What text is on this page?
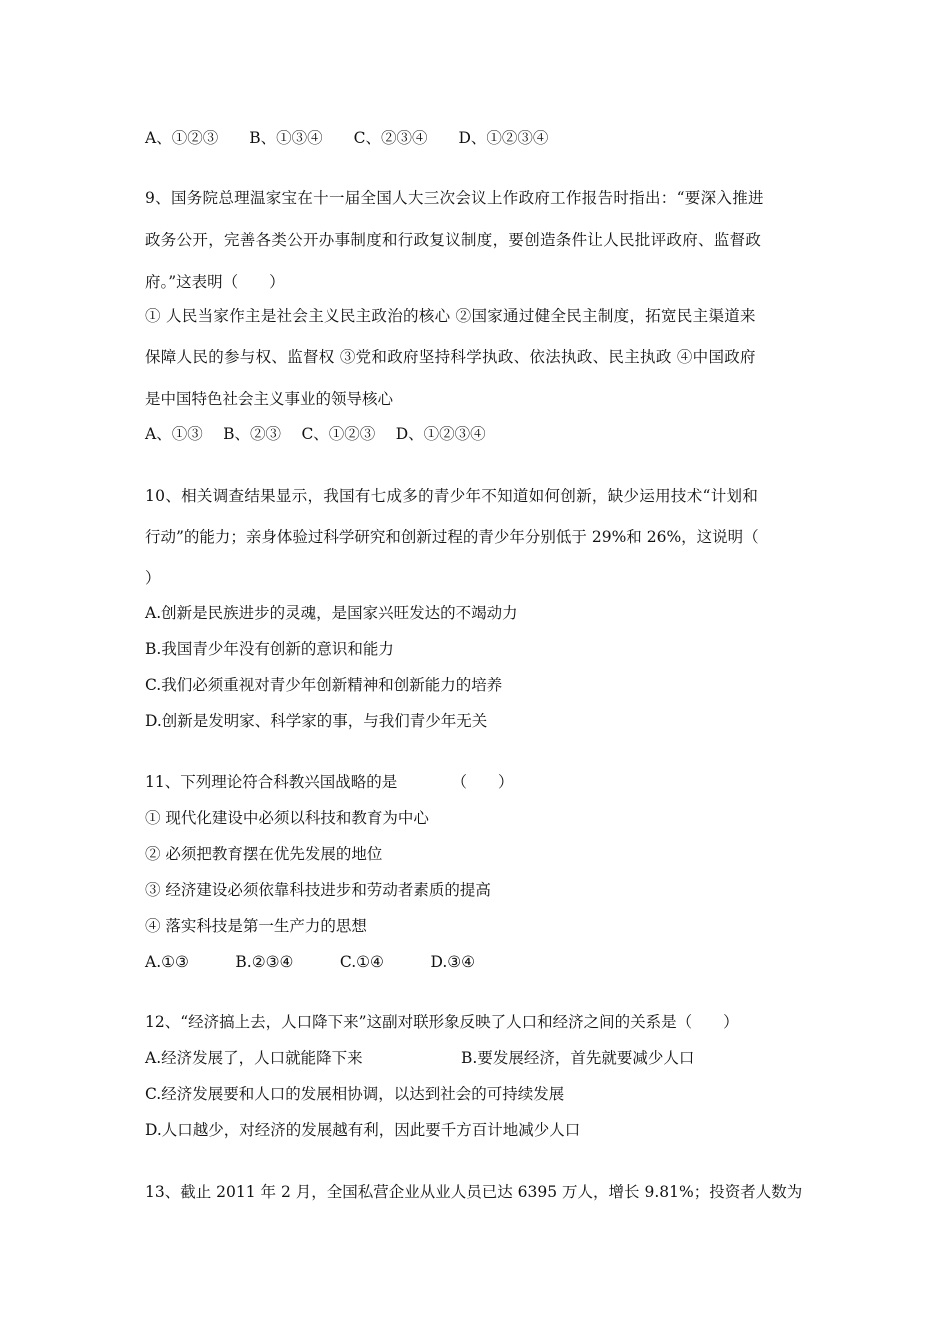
A、①②③　　B、①③④　　C、②③④　　D、①②③④
9、国务院总理温家宝在十一届全国人大三次会议上作政府工作报告时指出：“要深入推进
政务公开，完善各类公开办事制度和行政复议制度，要创造条件让人民批评政府、监督政
府。”这表明（　　）
① 人民当家作主是社会主义民主政治的核心 ②国家通过健全民主制度，拓宽民主渠道来
保障人民的参与权、监督权 ③党和政府坚持科学执政、依法执政、民主执政 ④中国政府
是中国特色社会主义事业的领导核心
A、①③　 B、②③　 C、①②③　 D、①②③④
10、相关调查结果显示，我国有七成多的青少年不知道如何创新，缺少运用技术“计划和
行动”的能力；亲身体验过科学研究和创新过程的青少年分别低于 29%和 26%，这说明（
）
A.创新是民族进步的灵魂，是国家兴旺发达的不竭动力
B.我国青少年没有创新的意识和能力
C.我们必须重视对青少年创新精神和创新能力的培养
D.创新是发明家、科学家的事，与我们青少年无关
11、下列理论符合科教兴国战略的是　　　　（　　）
① 现代化建设中必须以科技和教育为中心
② 必须把教育摆在优先发展的地位
③ 经济建设必须依靠科技进步和劳动者素质的提高
④ 落实科技是第一生产力的思想
A.①③　　　B.②③④　　　C.①④　　　D.③④
12、“经济搞上去，人口降下来”这副对联形象反映了人口和经济之间的关系是（　　）
A.经济发展了，人口就能降下来	B.要发展经济，首先就要减少人口
C.经济发展要和人口的发展相协调，以达到社会的可持续发展
D.人口越少，对经济的发展越有利，因此要千方百计地减少人口
13、截止 2011 年 2 月，全国私营企业从业人员已达 6395 万人，增长 9.81%；投资者人数为
